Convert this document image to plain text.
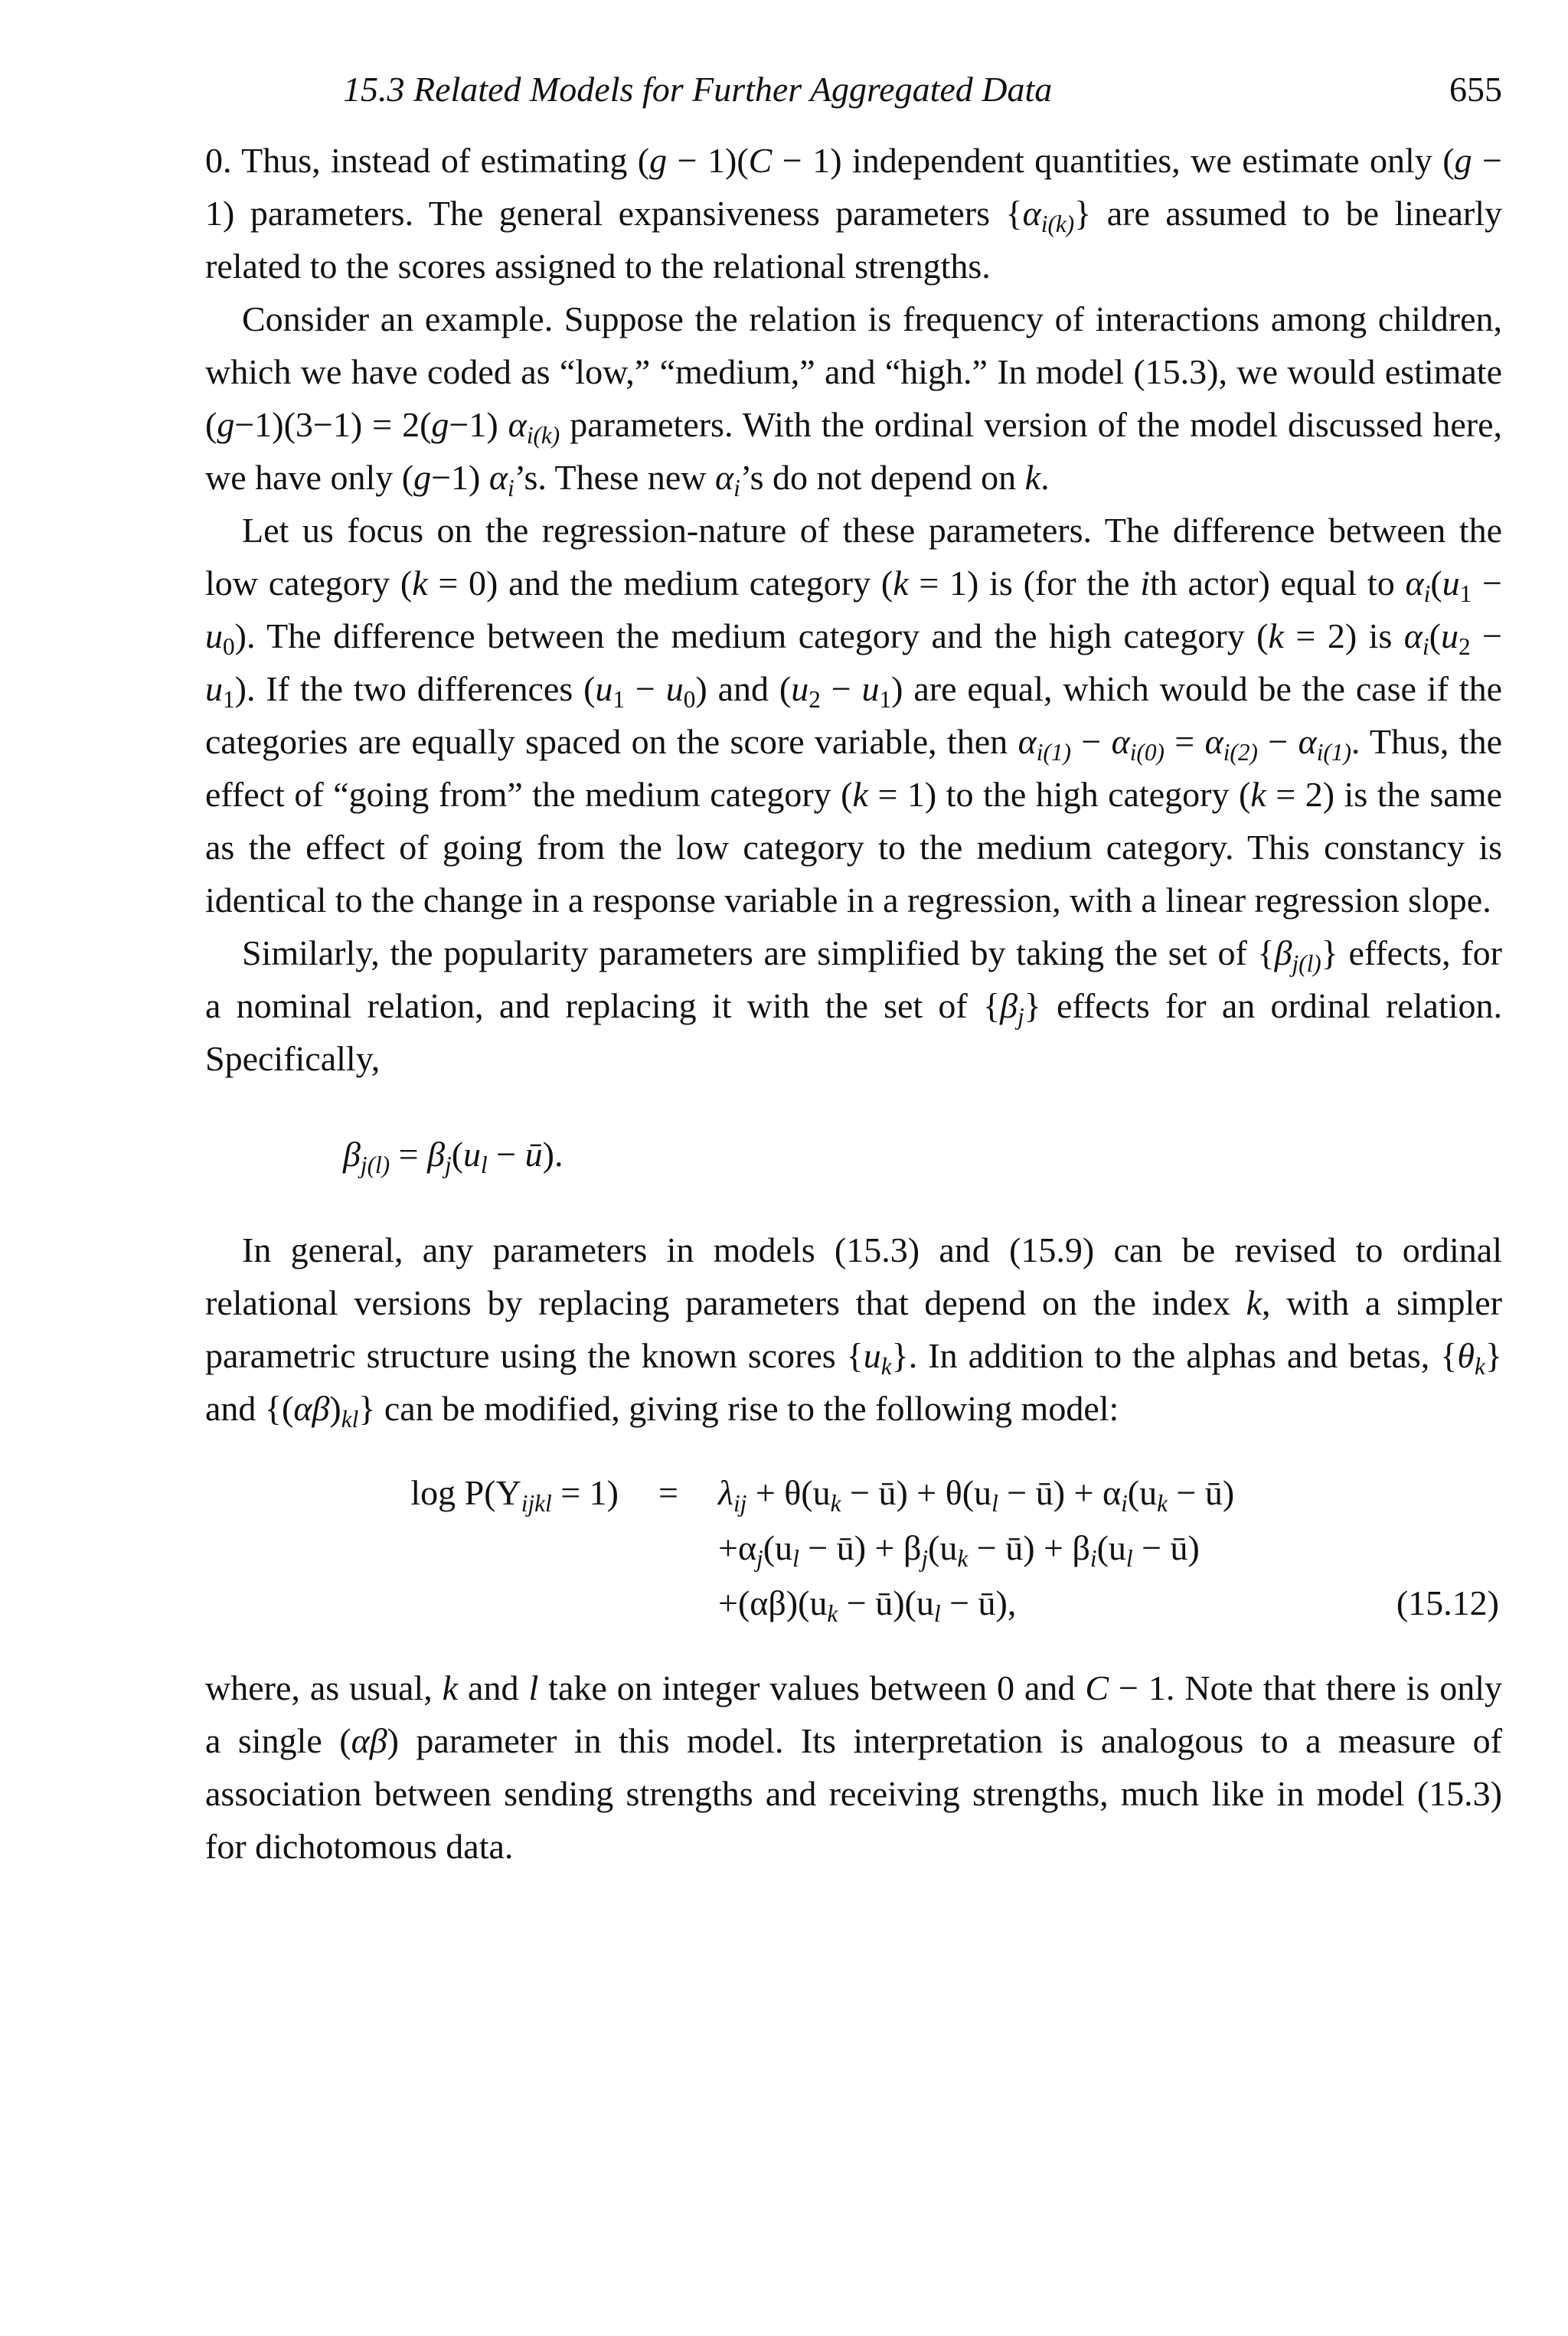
15.3 Related Models for Further Aggregated Data	655

0. Thus, instead of estimating (g − 1)(C − 1) independent quantities, we estimate only (g − 1) parameters. The general expansiveness parameters $\{\alpha_{i(k)}\}$ are assumed to be linearly related to the scores assigned to the relational strengths.

Consider an example. Suppose the relation is frequency of interactions among children, which we have coded as “low,” “medium,” and “high.” In model (15.3), we would estimate (g−1)(3−1) = 2(g−1) $\alpha_{i(k)}$ parameters. With the ordinal version of the model discussed here, we have only (g−1) $\alpha_i’s$. These new $\alpha_i’s$ do not depend on k.

Let us focus on the regression-nature of these parameters. The difference between the low category (k = 0) and the medium category (k = 1) is (for the ith actor) equal to $\alpha_i(u_1 - u_0)$. The difference between the medium category and the high category (k = 2) is $\alpha_i(u_2 - u_1)$. If the two differences $(u_1 - u_0)$ and $(u_2 - u_1)$ are equal, which would be the case if the categories are equally spaced on the score variable, then $\alpha_{i(1)} - \alpha_{i(0)} = \alpha_{i(2)} - \alpha_{i(1)}$. Thus, the effect of “going from” the medium category (k = 1) to the high category (k = 2) is the same as the effect of going from the low category to the medium category. This constancy is identical to the change in a response variable in a regression, with a linear regression slope.

Similarly, the popularity parameters are simplified by taking the set of $\{\beta_{j(l)}\}$ effects, for a nominal relation, and replacing it with the set of $\{\beta_j\}$ effects for an ordinal relation. Specifically,

$\beta_{j(l)} = \beta_j(u_l$ − ū).

In general, any parameters in models (15.3) and (15.9) can be revised to ordinal relational versions by replacing parameters that depend on the index k, with a simpler parametric structure using the known scores $\{u_k\}$. In addition to the alphas and betas, $\{\theta_k\}$ and $\{(\alpha\beta)_{kl}\}$ can be modified, giving rise to the following model:

$\log P(Y_{ijkl} = 1)$	=	$\lambda_{ij} + \theta(u_k$ − ū) + $\theta(u_l$ − ū) + $\alpha_i(u_k$ − ū)	
		$+\alpha_j(u_l$ − ū) + $\beta_j(u_k$ − ū) + $\beta_i(u_l$ − ū)	
		$+(\alpha\beta)(u_k$ − $ū)(u_l$ − ū),	(15.12)

where, as usual, k and l take on integer values between 0 and C − 1. Note that there is only a single (αβ) parameter in this model. Its interpretation is analogous to a measure of association between sending strengths and receiving strengths, much like in model (15.3) for dichotomous data.
